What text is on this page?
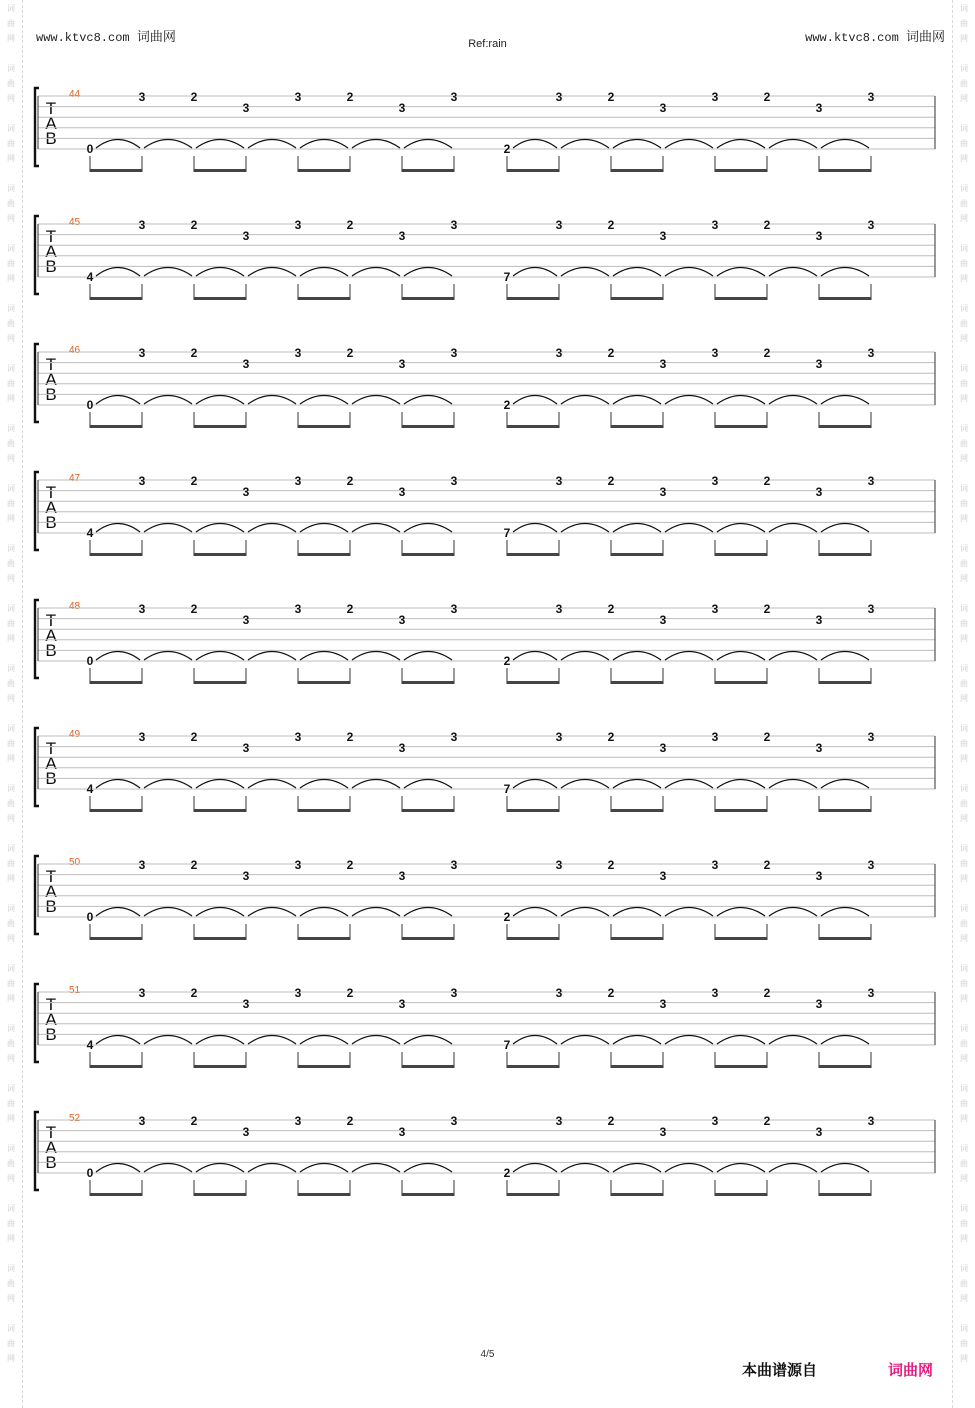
词
曲
网
词
曲
网
词
曲
网
词
曲
网
词
曲
网
词
曲
网
词
曲
网
词
曲
网
词
曲
网
词
曲
网
词
曲
网
词
曲
网
词
曲
网
词
曲
网
词
曲
网
词
曲
网
词
曲
网
词
曲
网
词
曲
网
词
曲
网
词
曲
网
词
曲
网
词
曲
网
词
曲
网
词
曲
网
词
曲
网
词
曲
网
词
曲
网
词
曲
网
词
曲
网
词
曲
网
词
曲
网
词
曲
网
词
曲
网
词
曲
网
词
曲
网
词
曲
网
词
曲
网
词
曲
网
词
曲
网
词
曲
网
词
曲
网
词
曲
网
词
曲
网
词
曲
网
词
曲
网
www.ktvc8.com 词曲网	www.ktvc8.com 词曲网
Ref:rain
44
T
A
B
3	2	3	2	3
3	3
0
3	2	3	2	3
3	3
2
45
T
A
B
3	2	3	2	3
3	3
4
3	2	3	2	3
3	3
7
46
T
A
B
3	2	3	2	3
3	3
0
3	2	3	2	3
3	3
2
47
T
A
B
3	2	3	2	3
3	3
4
3	2	3	2	3
3	3
7
48
T
A
B
3	2	3	2	3
3	3
0
3	2	3	2	3
3	3
2
49
T
A
B
3	2	3	2	3
3	3
4
3	2	3	2	3
3	3
7
50
T
A
B
3	2	3	2	3
3	3
0
3	2	3	2	3
3	3
2
51
T
A
B
3	2	3	2	3
3	3
4
3	2	3	2	3
3	3
7
52
T
A
B
3	2	3	2	3
3	3
0
3	2	3	2	3
3	3
2
4/5
本曲谱源自	词曲网
